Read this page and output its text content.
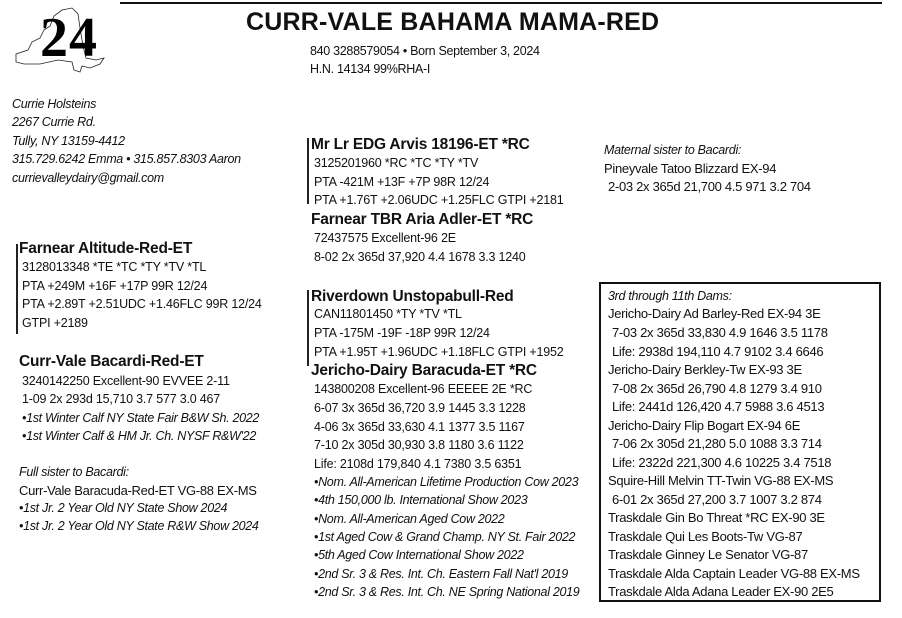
24	CURR-VALE BAHAMA MAMA-RED
840 3288579054 • Born September 3, 2024
H.N. 14134 99%RHA-I
Currie Holsteins
2267 Currie Rd.
Tully, NY 13159-4412
315.729.6242 Emma • 315.857.8303 Aaron
currievalleydairy@gmail.com
Mr Lr EDG Arvis 18196-ET *RC
3125201960 *RC *TC *TY *TV
PTA -421M +13F +7P 98R 12/24
PTA +1.76T +2.06UDC +1.25FLC GTPI +2181
Farnear TBR Aria Adler-ET *RC
72437575 Excellent-96 2E
8-02 2x 365d 37,920 4.4 1678 3.3 1240
Maternal sister to Bacardi:
Pineyvale Tatoo Blizzard EX-94
2-03 2x 365d 21,700 4.5 971 3.2 704
Farnear Altitude-Red-ET
3128013348 *TE *TC *TY *TV *TL
PTA +249M +16F +17P 99R 12/24
PTA +2.89T +2.51UDC +1.46FLC 99R 12/24
GTPI +2189
Riverdown Unstopabull-Red
CAN11801450 *TY *TV *TL
PTA -175M -19F -18P 99R 12/24
PTA +1.95T +1.96UDC +1.18FLC GTPI +1952
Curr-Vale Bacardi-Red-ET
3240142250 Excellent-90 EVVEE 2-11
1-09 2x 293d 15,710 3.7 577 3.0 467
•1st Winter Calf NY State Fair B&W Sh. 2022
•1st Winter Calf & HM Jr. Ch. NYSF R&W'22
Full sister to Bacardi:
Curr-Vale Baracuda-Red-ET VG-88 EX-MS
•1st Jr. 2 Year Old NY State Show 2024
•1st Jr. 2 Year Old NY State R&W Show 2024
Jericho-Dairy Baracuda-ET *RC
143800208 Excellent-96 EEEEE 2E *RC
6-07 3x 365d 36,720 3.9 1445 3.3 1228
4-06 3x 365d 33,630 4.1 1377 3.5 1167
7-10 2x 305d 30,930 3.8 1180 3.6 1122
Life: 2108d 179,840 4.1 7380 3.5 6351
•Nom. All-American Lifetime Production Cow 2023
•4th 150,000 lb. International Show 2023
•Nom. All-American Aged Cow 2022
•1st Aged Cow & Grand Champ. NY St. Fair 2022
•5th Aged Cow International Show 2022
•2nd Sr. 3 & Res. Int. Ch. Eastern Fall Nat'l 2019
•2nd Sr. 3 & Res. Int. Ch. NE Spring National 2019
3rd through 11th Dams:
Jericho-Dairy Ad Barley-Red EX-94 3E
7-03 2x 365d 33,830 4.9 1646 3.5 1178
Life: 2938d 194,110 4.7 9102 3.4 6646
Jericho-Dairy Berkley-Tw EX-93 3E
7-08 2x 365d 26,790 4.8 1279 3.4 910
Life: 2441d 126,420 4.7 5988 3.6 4513
Jericho-Dairy Flip Bogart EX-94 6E
7-06 2x 305d 21,280 5.0 1088 3.3 714
Life: 2322d 221,300 4.6 10225 3.4 7518
Squire-Hill Melvin TT-Twin VG-88 EX-MS
6-01 2x 365d 27,200 3.7 1007 3.2 874
Traskdale Gin Bo Threat *RC EX-90 3E
Traskdale Qui Les Boots-Tw VG-87
Traskdale Ginney Le Senator VG-87
Traskdale Alda Captain Leader VG-88 EX-MS
Traskdale Alda Adana Leader EX-90 2E5
